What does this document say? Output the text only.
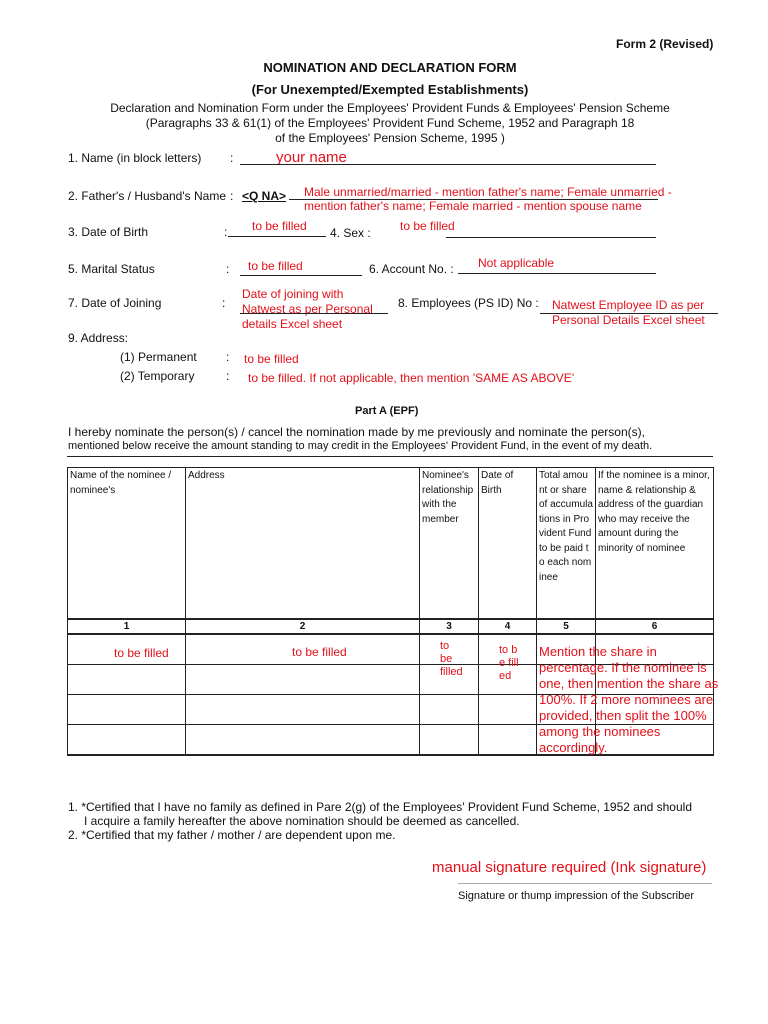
Form 2 (Revised)
NOMINATION AND DECLARATION FORM
(For Unexempted/Exempted Establishments)
Declaration and Nomination Form under the Employees' Provident Funds & Employees' Pension Scheme
(Paragraphs 33 & 61(1) of the Employees' Provident Fund Scheme, 1952 and Paragraph 18
of the Employees' Pension Scheme, 1995 )
1. Name (in block letters) :	your name
2. Father's / Husband's Name : <Q NA> Male unmarried/married - mention father's name; Female unmarried -
mention father's name; Female married - mention spouse name
3. Date of Birth	: to be filled 4. Sex : to be filled
5. Marital Status	: to be filled	6. Account No. : Not applicable
7. Date of Joining	:
Date of joining with
Natwest as per Personal
details Excel sheet
8. Employees (PS ID) No : Natwest Employee ID as per
Personal Details Excel sheet
9. Address:
(1) Permanent : to be filled
(2) Temporary	: to be filled. If not applicable, then mention 'SAME AS ABOVE'
Part A (EPF)
I hereby nominate the person(s) / cancel the nomination made by me previously and nominate the person(s),
mentioned below receive the amount standing to may credit in the Employees' Provident Fund, in the event of my death.
Name of the nominee / nominee's	Address	Nominee's relationship with the member	Date of Birth	Total amount or share of accumulations in Provident Fund to be paid to each nominee	If the nominee is a minor, name & relationship & address of the guardian who may receive the amount during the minority of nominee
1	2	3	4	5	6

to be filled	to be filled	to be filled	to be filled	Mention the share in percentage. If the nominee is one, then mention the share as 100%. If 2 more nominees are provided, then split the 100% among the nominees accordingly.	

1. *Certified that I have no family as defined in Pare 2(g) of the Employees' Provident Fund Scheme, 1952 and should
I acquire a family hereafter the above nomination should be deemed as cancelled.
2. *Certified that my father / mother / are dependent upon me.
manual signature required (Ink signature)
Signature or thump impression of the Subscriber
